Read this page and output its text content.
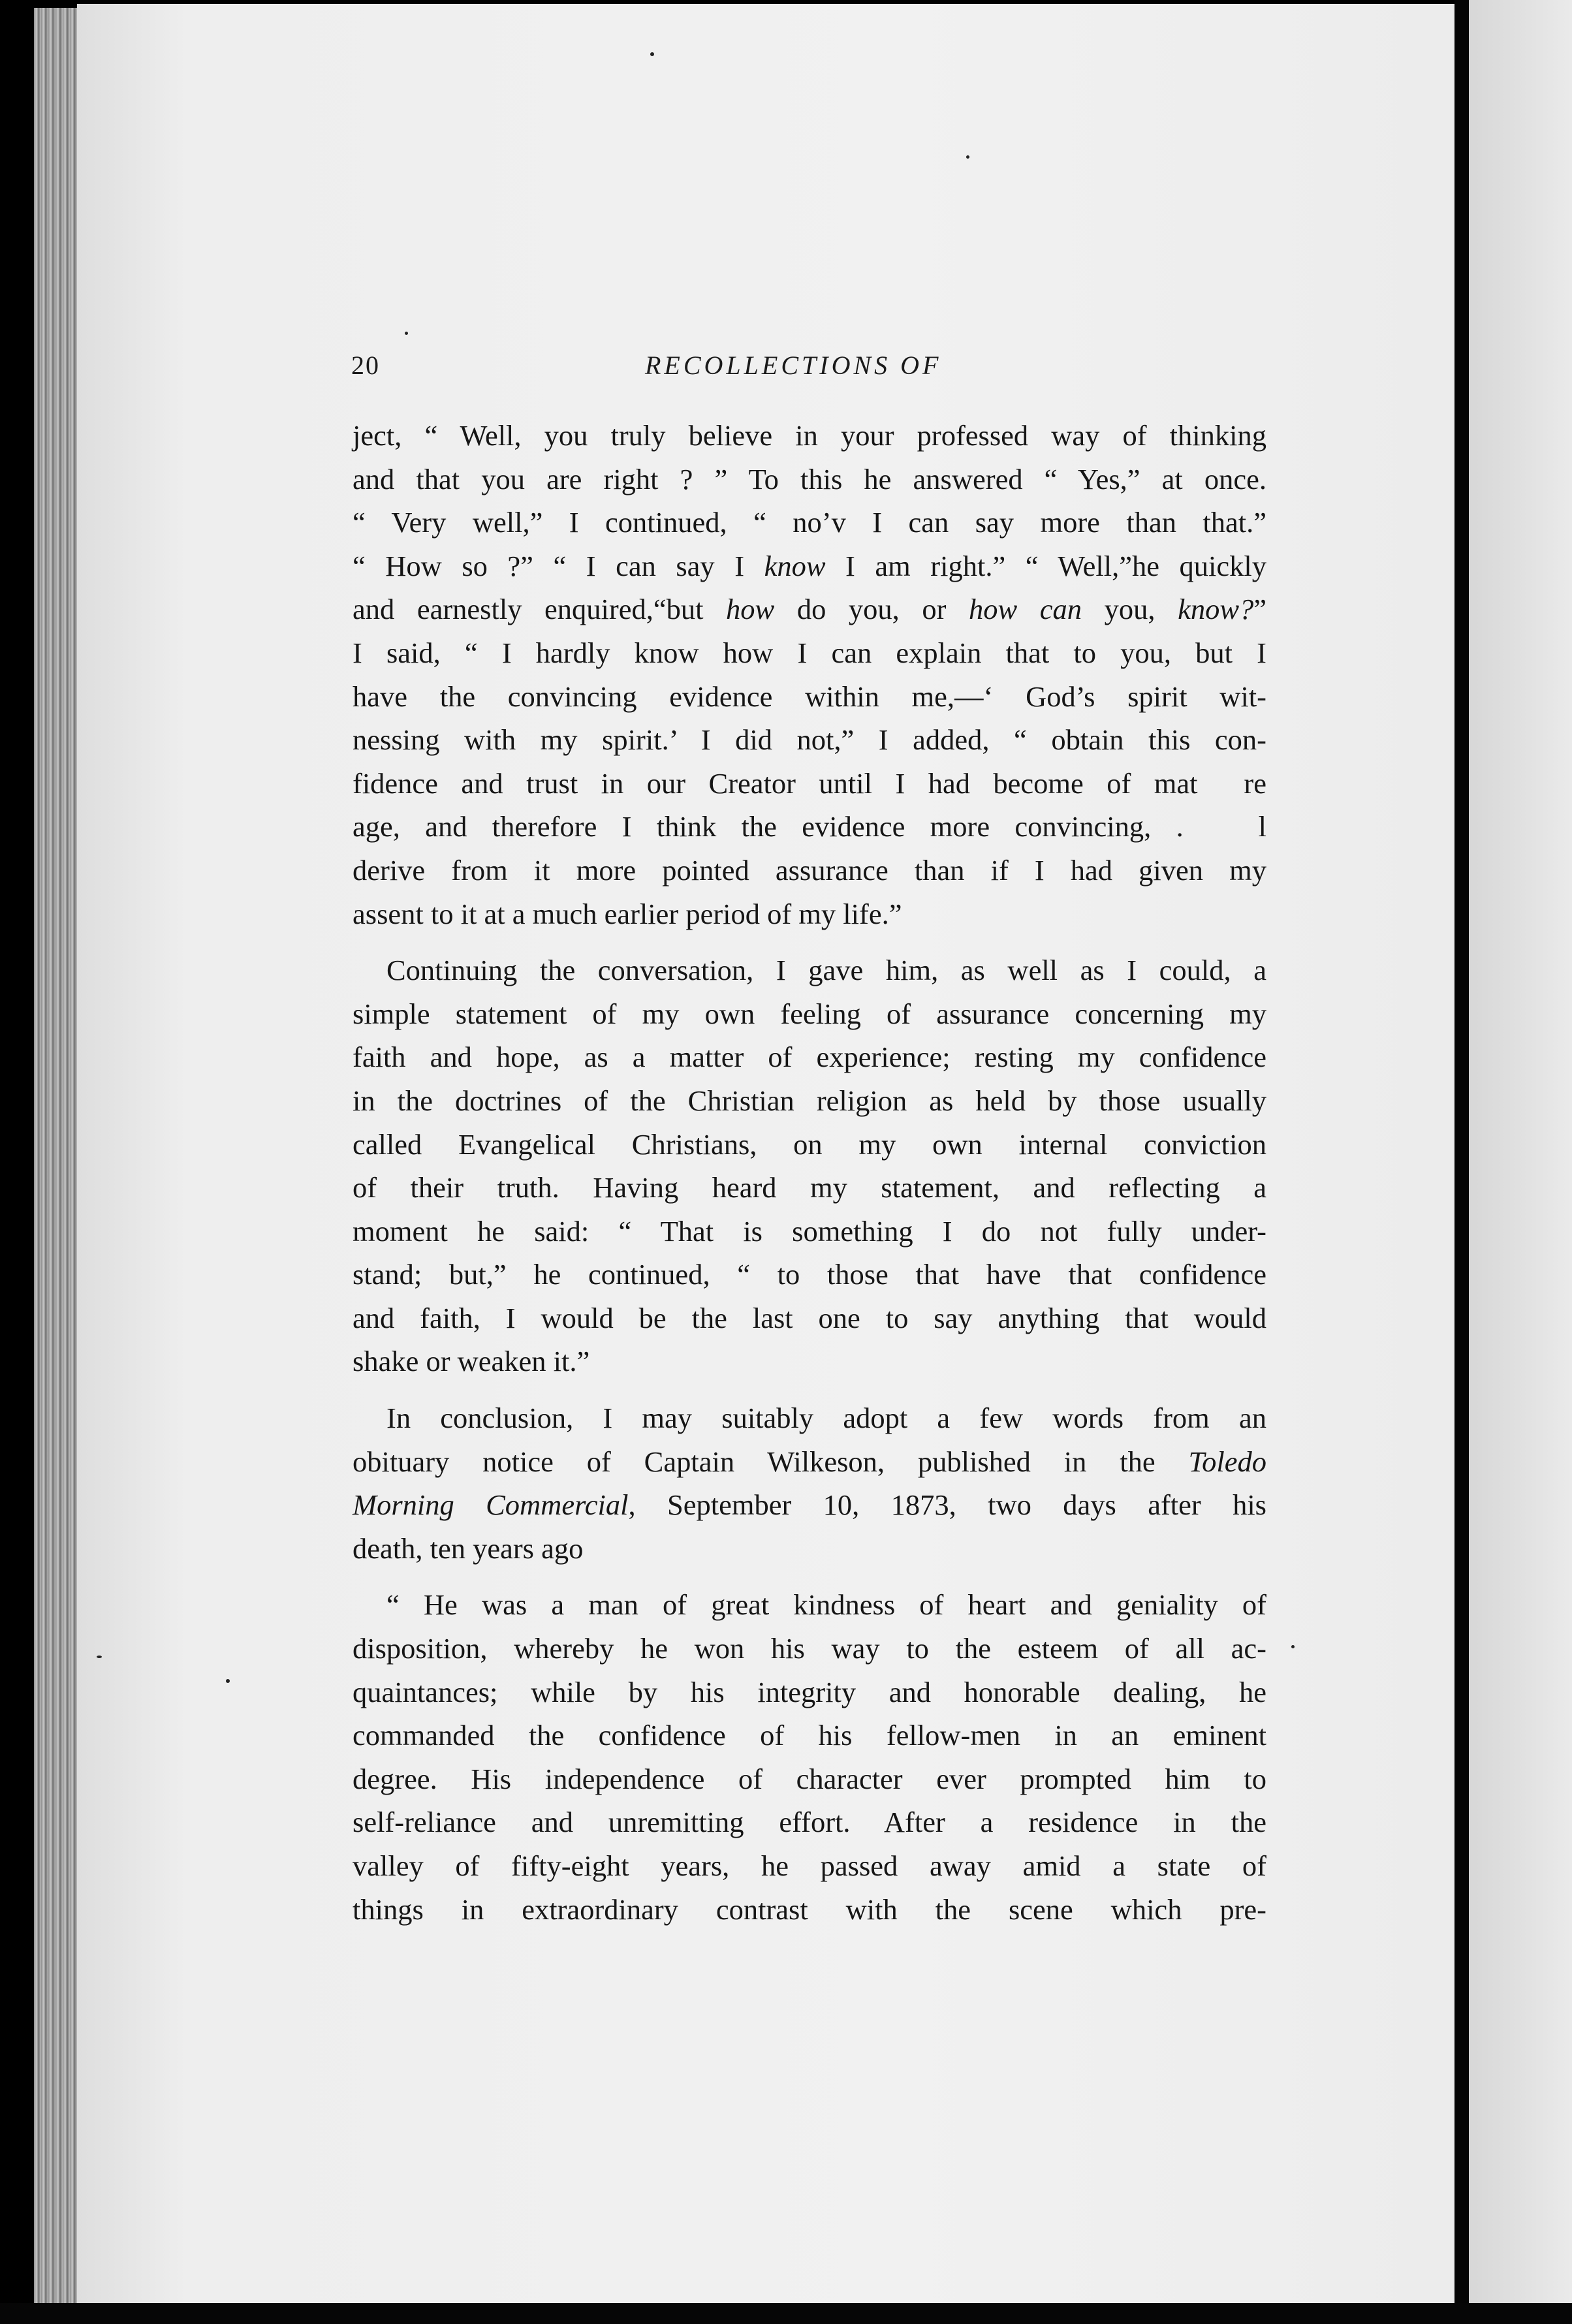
20	RECOLLECTIONS OF
ject, “ Well, you truly believe in your professed way of thinking
and that you are right ? ” To this he answered “ Yes,” at once.
“ Very well,” I continued, “ no’v I can say more than that.”
“ How so ?” “ I can say I know I am right.” “ Well,”he quickly
and earnestly enquired,“but how do you, or how can you, know?”
I said, “ I hardly know how I can explain that to you, but I
have the convincing evidence within me,—‘ God’s spirit wit-
nessing with my spirit.’ I did not,” I added, “ obtain this con-
fidence and trust in our Creator until I had become of mat  re
age, and therefore I think the evidence more convincing, .   l
derive from it more pointed assurance than if I had given my
assent to it at a much earlier period of my life.”
Continuing the conversation, I gave him, as well as I could, a
simple statement of my own feeling of assurance concerning my
faith and hope, as a matter of experience; resting my confidence
in the doctrines of the Christian religion as held by those usually
called Evangelical Christians, on my own internal conviction
of their truth. Having heard my statement, and reflecting a
moment he said: “ That is something I do not fully under-
stand; but,” he continued, “ to those that have that confidence
and faith, I would be the last one to say anything that would
shake or weaken it.”
In conclusion, I may suitably adopt a few words from an
obituary notice of Captain Wilkeson, published in the Toledo
Morning Commercial, September 10, 1873, two days after his
death, ten years ago
“ He was a man of great kindness of heart and geniality of
disposition, whereby he won his way to the esteem of all ac-
quaintances; while by his integrity and honorable dealing, he
commanded the confidence of his fellow-men in an eminent
degree. His independence of character ever prompted him to
self-reliance and unremitting effort. After a residence in the
valley of fifty-eight years, he passed away amid a state of
things in extraordinary contrast with the scene which pre-
